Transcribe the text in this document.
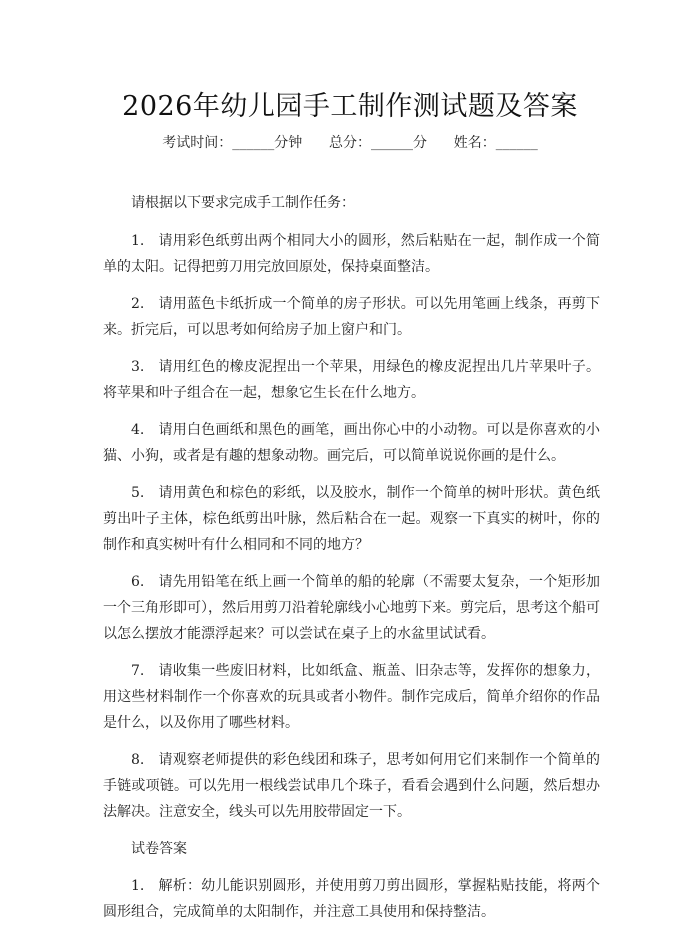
2026年幼儿园手工制作测试题及答案
考试时间：______分钟      总分：______分      姓名：______

请根据以下要求完成手工制作任务：

1. 请用彩色纸剪出两个相同大小的圆形，然后粘贴在一起，制作成一个简单的太阳。记得把剪刀用完放回原处，保持桌面整洁。

2. 请用蓝色卡纸折成一个简单的房子形状。可以先用笔画上线条，再剪下来。折完后，可以思考如何给房子加上窗户和门。

3. 请用红色的橡皮泥捏出一个苹果，用绿色的橡皮泥捏出几片苹果叶子。将苹果和叶子组合在一起，想象它生长在什么地方。

4. 请用白色画纸和黑色的画笔，画出你心中的小动物。可以是你喜欢的小猫、小狗，或者是有趣的想象动物。画完后，可以简单说说你画的是什么。

5. 请用黄色和棕色的彩纸，以及胶水，制作一个简单的树叶形状。黄色纸剪出叶子主体，棕色纸剪出叶脉，然后粘合在一起。观察一下真实的树叶，你的制作和真实树叶有什么相同和不同的地方？

6. 请先用铅笔在纸上画一个简单的船的轮廓（不需要太复杂，一个矩形加一个三角形即可），然后用剪刀沿着轮廓线小心地剪下来。剪完后，思考这个船可以怎么摆放才能漂浮起来？可以尝试在桌子上的水盆里试试看。

7. 请收集一些废旧材料，比如纸盒、瓶盖、旧杂志等，发挥你的想象力，用这些材料制作一个你喜欢的玩具或者小物件。制作完成后，简单介绍你的作品是什么，以及你用了哪些材料。

8. 请观察老师提供的彩色线团和珠子，思考如何用它们来制作一个简单的手链或项链。可以先用一根线尝试串几个珠子，看看会遇到什么问题，然后想办法解决。注意安全，线头可以先用胶带固定一下。

试卷答案

1. 解析：幼儿能识别圆形，并使用剪刀剪出圆形，掌握粘贴技能，将两个圆形组合，完成简单的太阳制作，并注意工具使用和保持整洁。
